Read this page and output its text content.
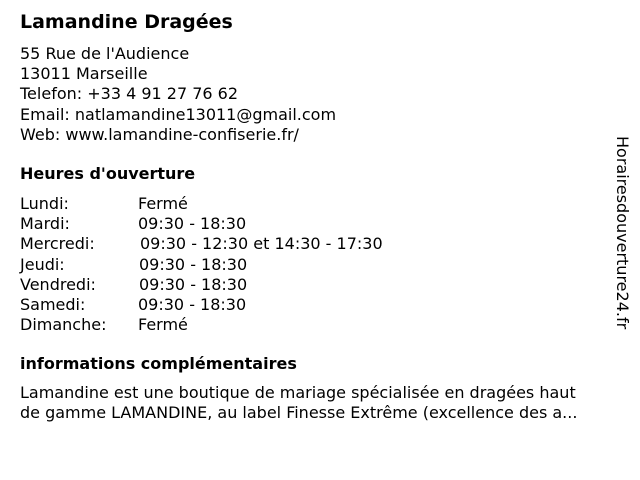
Lamandine Dragées
55 Rue de l'Audience
13011 Marseille
Telefon: +33 4 91 27 76 62
Email: natlamandine13011@gmail.com
Web: www.lamandine-confiserie.fr/
Heures d'ouverture
Lundi:	Fermé
Mardi:	09:30 - 18:30
Mercredi:	09:30 - 12:30 et 14:30 - 17:30
Jeudi:	09:30 - 18:30
Vendredi:	09:30 - 18:30
Samedi:	09:30 - 18:30
Dimanche: Fermé
informations complémentaires
Lamandine est une boutique de mariage spécialisée en dragées haut
de gamme LAMANDINE, au label Finesse Extrême (excellence des a...
Horairesdouverture24.fr
